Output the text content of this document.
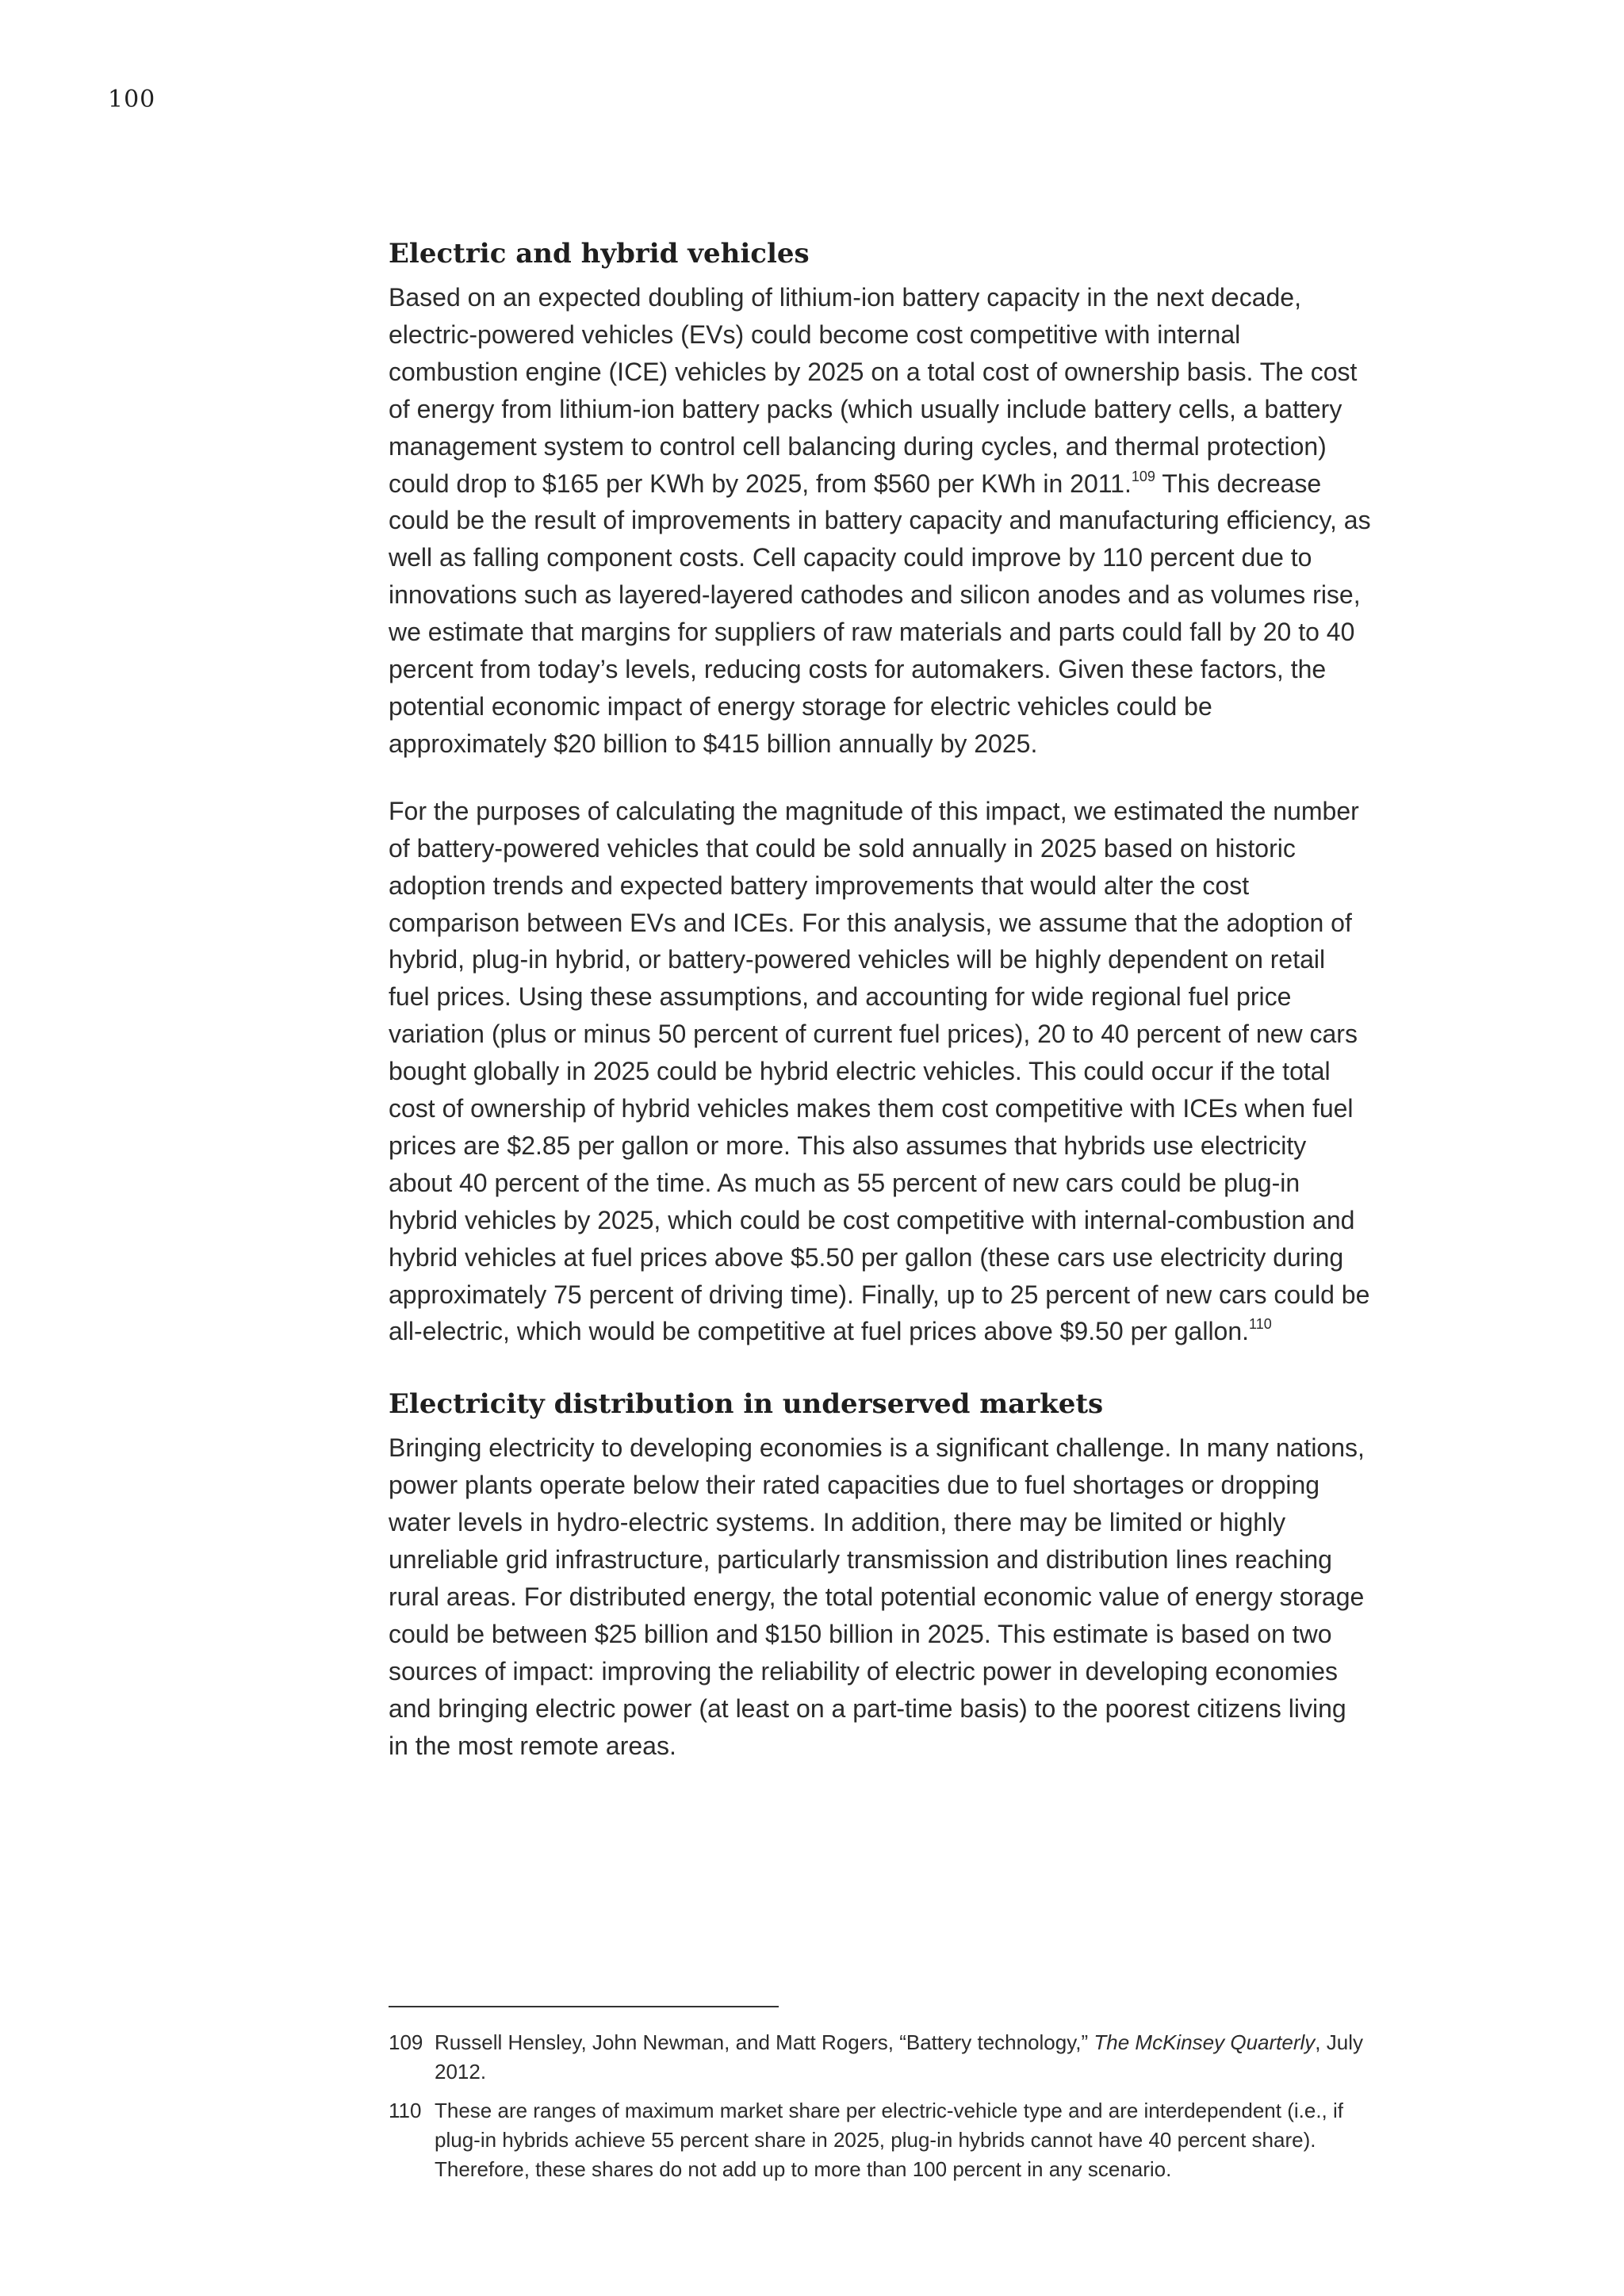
100
Electric and hybrid vehicles

Based on an expected doubling of lithium-ion battery capacity in the next decade, electric-powered vehicles (EVs) could become cost competitive with internal combustion engine (ICE) vehicles by 2025 on a total cost of ownership basis. The cost of energy from lithium-ion battery packs (which usually include battery cells, a battery management system to control cell balancing during cycles, and thermal protection) could drop to $165 per KWh by 2025, from $560 per KWh in 2011.$^{109}$ This decrease could be the result of improvements in battery capacity and manufacturing efficiency, as well as falling component costs. Cell capacity could improve by 110 percent due to innovations such as layered-layered cathodes and silicon anodes and as volumes rise, we estimate that margins for suppliers of raw materials and parts could fall by 20 to 40 percent from today’s levels, reducing costs for automakers. Given these factors, the potential economic impact of energy storage for electric vehicles could be approximately $20 billion to $415 billion annually by 2025.

For the purposes of calculating the magnitude of this impact, we estimated the number of battery-powered vehicles that could be sold annually in 2025 based on historic adoption trends and expected battery improvements that would alter the cost comparison between EVs and ICEs. For this analysis, we assume that the adoption of hybrid, plug-in hybrid, or battery-powered vehicles will be highly dependent on retail fuel prices. Using these assumptions, and accounting for wide regional fuel price variation (plus or minus 50 percent of current fuel prices), 20 to 40 percent of new cars bought globally in 2025 could be hybrid electric vehicles. This could occur if the total cost of ownership of hybrid vehicles makes them cost competitive with ICEs when fuel prices are $2.85 per gallon or more. This also assumes that hybrids use electricity about 40 percent of the time. As much as 55 percent of new cars could be plug-in hybrid vehicles by 2025, which could be cost competitive with internal-combustion and hybrid vehicles at fuel prices above $5.50 per gallon (these cars use electricity during approximately 75 percent of driving time). Finally, up to 25 percent of new cars could be all-electric, which would be competitive at fuel prices above $9.50 per gallon.$^{110}$

Electricity distribution in underserved markets

Bringing electricity to developing economies is a significant challenge. In many nations, power plants operate below their rated capacities due to fuel shortages or dropping water levels in hydro-electric systems. In addition, there may be limited or highly unreliable grid infrastructure, particularly transmission and distribution lines reaching rural areas. For distributed energy, the total potential economic value of energy storage could be between $25 billion and $150 billion in 2025. This estimate is based on two sources of impact: improving the reliability of electric power in developing economies and bringing electric power (at least on a part-time basis) to the poorest citizens living in the most remote areas.

109 Russell Hensley, John Newman, and Matt Rogers, “Battery technology,” The McKinsey Quarterly, July 2012.
110 These are ranges of maximum market share per electric-vehicle type and are interdependent (i.e., if plug-in hybrids achieve 55 percent share in 2025, plug-in hybrids cannot have 40 percent share). Therefore, these shares do not add up to more than 100 percent in any scenario.
